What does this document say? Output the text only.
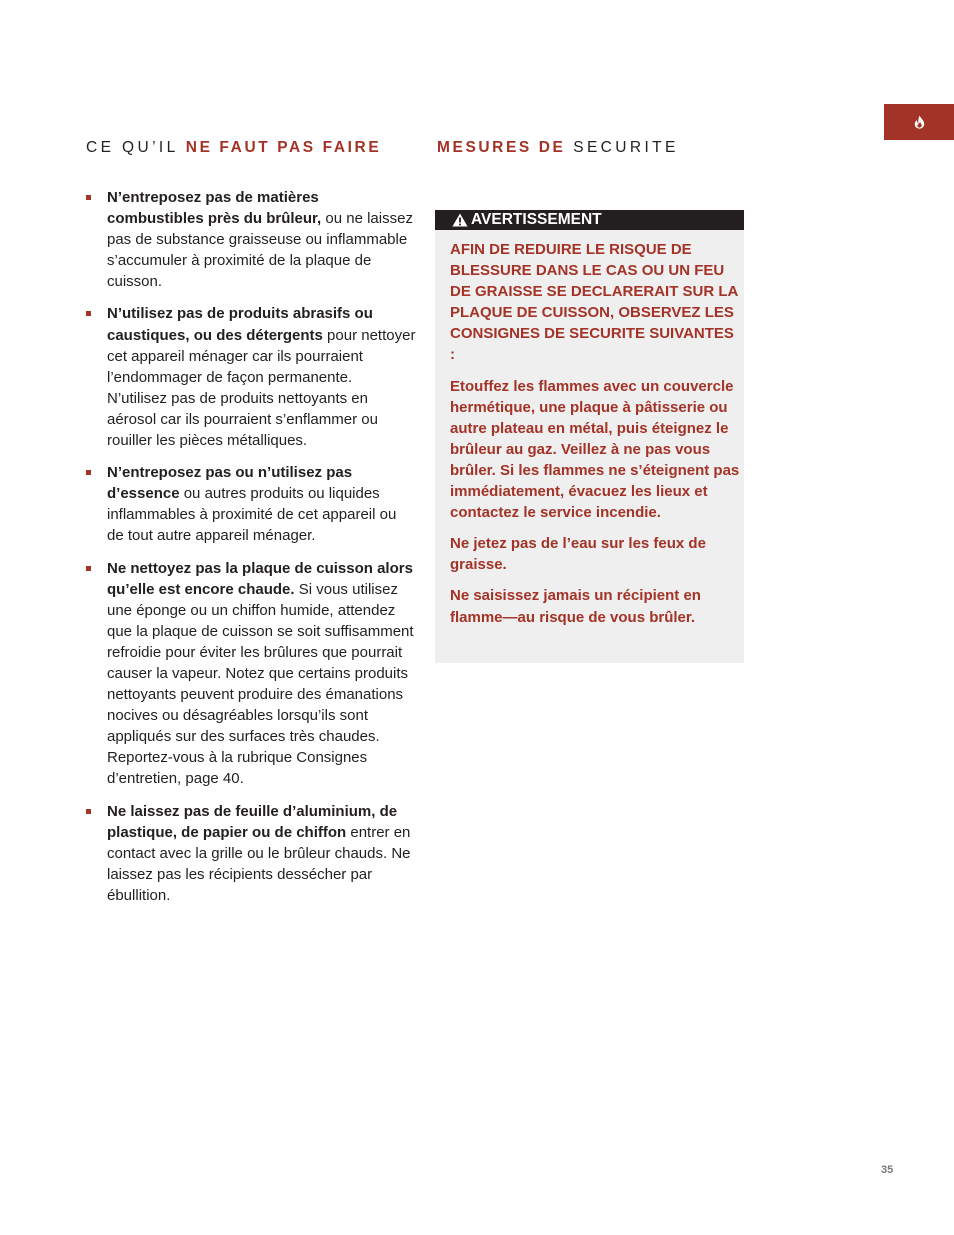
CE QU’IL NE FAUT PAS FAIRE	MESURES DE SECURITE
N’entreposez pas de matières combustibles près du brûleur, ou ne laissez pas de substance graisseuse ou inflammable s’accumuler à proximité de la plaque de cuisson.
N’utilisez pas de produits abrasifs ou caustiques, ou des détergents pour nettoyer cet appareil ménager car ils pourraient l’endommager de façon permanente. N’utilisez pas de produits nettoyants en aérosol car ils pourraient s’enflammer ou rouiller les pièces métalliques.
N’entreposez pas ou n’utilisez pas d’essence ou autres produits ou liquides inflammables à proximité de cet appareil ou de tout autre appareil ménager.
Ne nettoyez pas la plaque de cuisson alors qu’elle est encore chaude. Si vous utilisez une éponge ou un chiffon humide, attendez que la plaque de cuisson se soit suffisamment refroidie pour éviter les brûlures que pourrait causer la vapeur. Notez que certains produits nettoyants peuvent produire des émanations nocives ou désagréables lorsqu’ils sont appliqués sur des surfaces très chaudes. Reportez-vous à la rubrique Consignes d’entretien, page 40.
Ne laissez pas de feuille d’aluminium, de plastique, de papier ou de chiffon entrer en contact avec la grille ou le brûleur chauds. Ne laissez pas les récipients dessécher par ébullition.
AVERTISSEMENT

AFIN DE REDUIRE LE RISQUE DE BLESSURE DANS LE CAS OU UN FEU DE GRAISSE SE DECLARERAIT SUR LA PLAQUE DE CUISSON, OBSERVEZ LES CONSIGNES DE SECURITE SUIVANTES :

Etouffez les flammes avec un couvercle hermétique, une plaque à pâtisserie ou autre plateau en métal, puis éteignez le brûleur au gaz. Veillez à ne pas vous brûler. Si les flammes ne s’éteignent pas immédiatement, évacuez les lieux et contactez le service incendie.

Ne jetez pas de l’eau sur les feux de graisse.

Ne saisissez jamais un récipient en flamme—au risque de vous brûler.

35
